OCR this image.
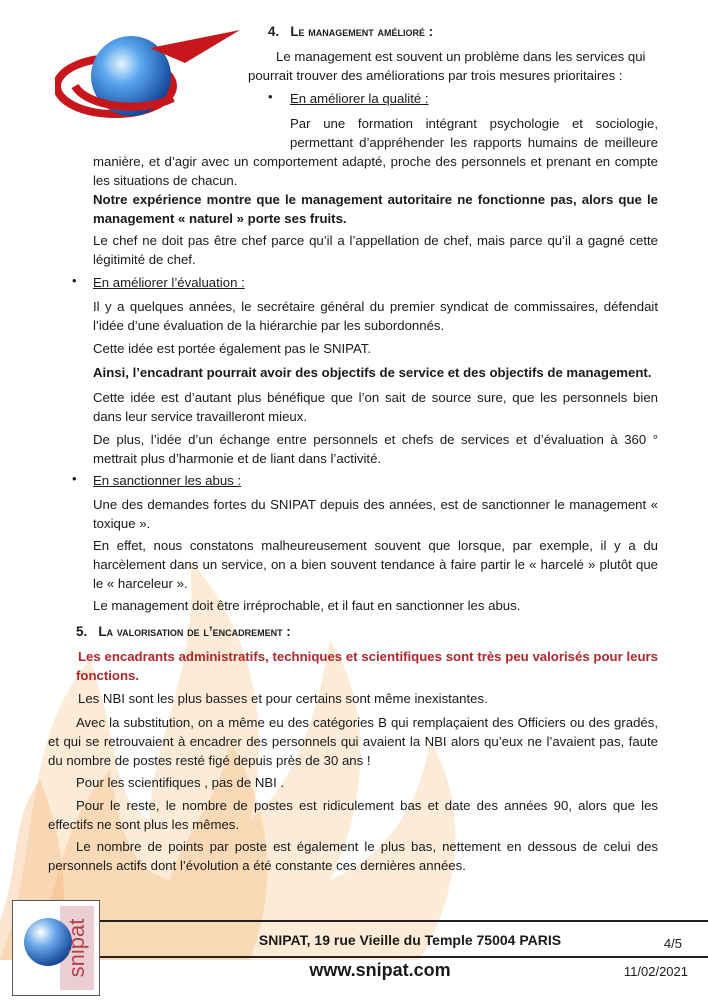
4. Le management amélioré :
Le management est souvent un problème dans les services qui
pourrait trouver des améliorations par trois mesures prioritaires :
• En améliorer la qualité :
Par une formation intégrant psychologie et sociologie,
permettant d’appréhender les rapports humains de meilleure
manière, et d’agir avec un comportement adapté, proche des personnels et prenant en compte les situations de chacun.
Notre expérience montre que le management autoritaire ne fonctionne pas, alors que le management « naturel » porte ses fruits.
Le chef ne doit pas être chef parce qu’il a l’appellation de chef, mais parce qu’il a gagné cette légitimité de chef.
• En améliorer l’évaluation :
Il y a quelques années, le secrétaire général du premier syndicat de commissaires, défendait l’idée d’une évaluation de la hiérarchie par les subordonnés.
Cette idée est portée également pas le SNIPAT.
Ainsi, l’encadrant pourrait avoir des objectifs de service et des objectifs de management.
Cette idée est d’autant plus bénéfique que l’on sait de source sure, que les personnels bien dans leur service travailleront mieux.
De plus, l’idée d’un échange entre personnels et chefs de services et d’évaluation à 360 ° mettrait plus d’harmonie et de liant dans l’activité.
• En sanctionner les abus :
Une des demandes fortes du SNIPAT depuis des années, est de sanctionner le management « toxique ».
En effet, nous constatons malheureusement souvent que lorsque, par exemple, il y a du harcèlement dans un service, on a bien souvent tendance à faire partir le « harcelé » plutôt que le « harceleur ».
Le management doit être irréprochable, et il faut en sanctionner les abus.
5. La valorisation de l’encadrement :
Les encadrants administratifs, techniques et scientifiques sont très peu valorisés pour leurs fonctions.
Les NBI sont les plus basses et pour certains sont même inexistantes.
Avec la substitution, on a même eu des catégories B qui remplaçaient des Officiers ou des gradés, et qui se retrouvaient à encadrer des personnels qui avaient la NBI alors qu’eux ne l’avaient pas, faute du nombre de postes resté figé depuis près de 30 ans !
Pour les scientifiques , pas de NBI .
Pour le reste, le nombre de postes est ridiculement bas et date des années 90, alors que les effectifs ne sont plus les mêmes.
Le nombre de points par poste est également le plus bas, nettement en dessous de celui des personnels actifs dont l’évolution a été constante ces dernières années.
snipat	SNIPAT, 19 rue Vieille du Temple 75004 PARIS
www.snipat.com
4/5
11/02/2021
